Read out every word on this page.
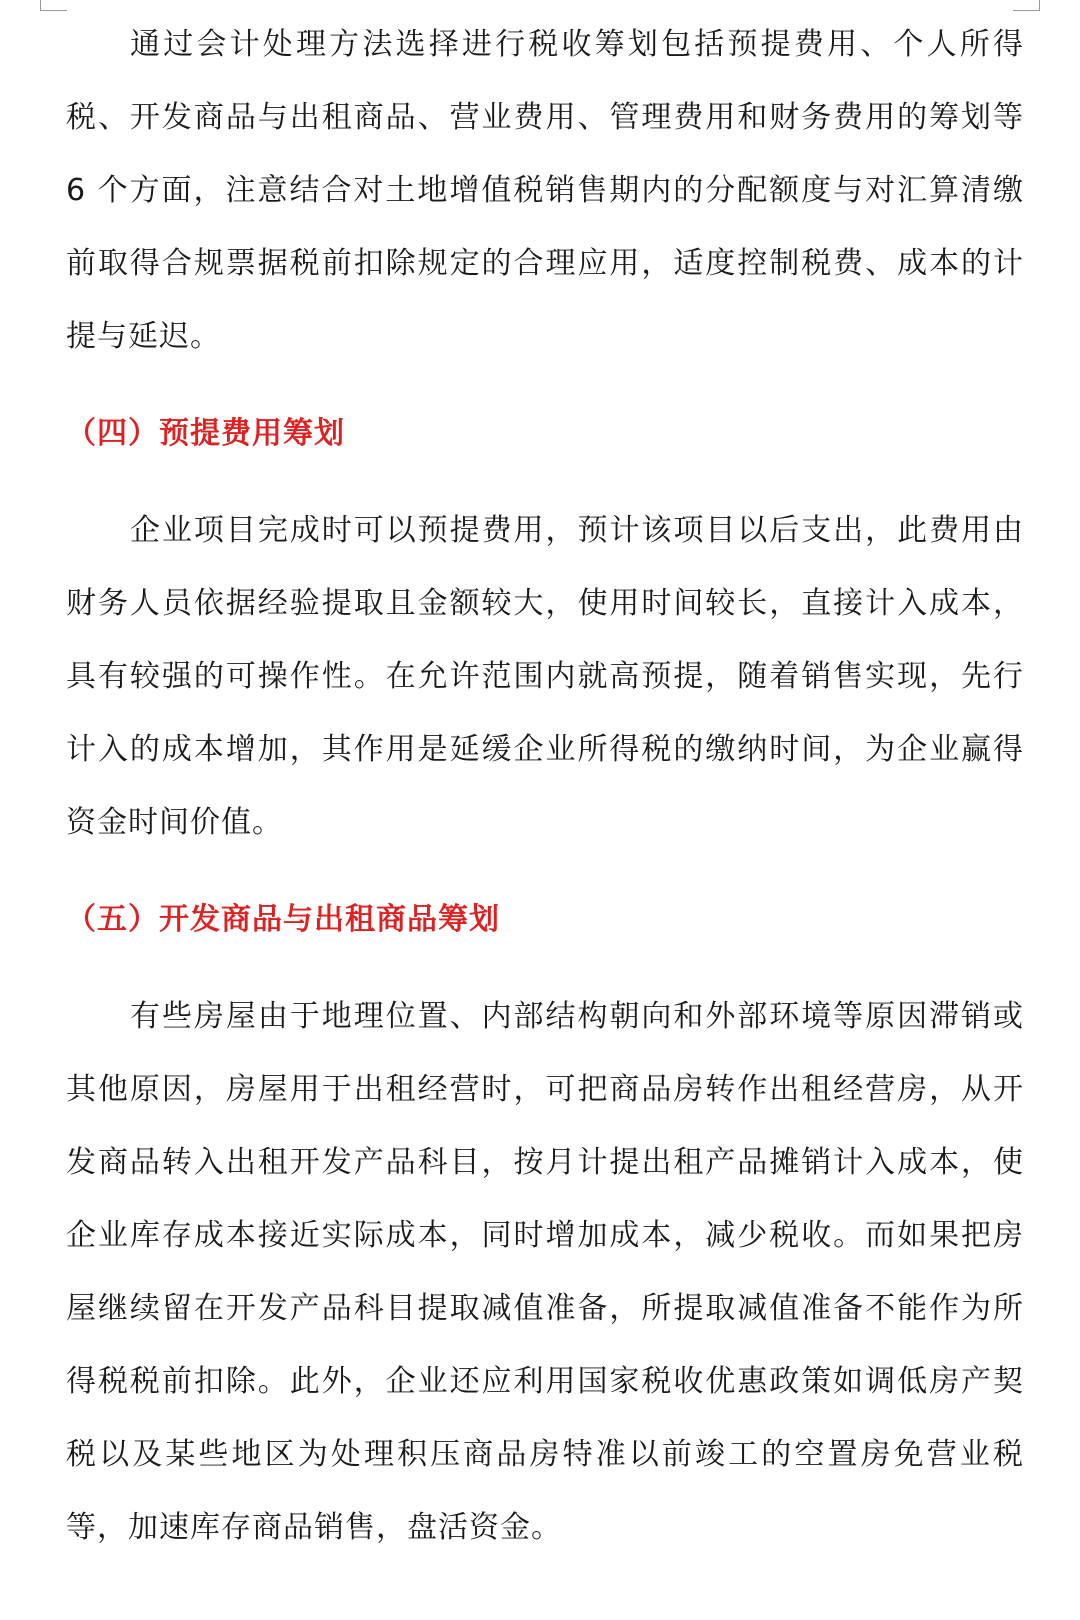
通过会计处理方法选择进行税收筹划包括预提费用、个人所得税、开发商品与出租商品、营业费用、管理费用和财务费用的筹划等 6 个方面，注意结合对土地增值税销售期内的分配额度与对汇算清缴前取得合规票据税前扣除规定的合理应用，适度控制税费、成本的计提与延迟。

（四）预提费用筹划

企业项目完成时可以预提费用，预计该项目以后支出，此费用由财务人员依据经验提取且金额较大，使用时间较长，直接计入成本，具有较强的可操作性。在允许范围内就高预提，随着销售实现，先行计入的成本增加，其作用是延缓企业所得税的缴纳时间，为企业赢得资金时间价值。

（五）开发商品与出租商品筹划

有些房屋由于地理位置、内部结构朝向和外部环境等原因滞销或其他原因，房屋用于出租经营时，可把商品房转作出租经营房，从开发商品转入出租开发产品科目，按月计提出租产品摊销计入成本，使企业库存成本接近实际成本，同时增加成本，减少税收。而如果把房屋继续留在开发产品科目提取减值准备，所提取减值准备不能作为所得税税前扣除。此外，企业还应利用国家税收优惠政策如调低房产契税以及某些地区为处理积压商品房特准以前竣工的空置房免营业税等，加速库存商品销售，盘活资金。
